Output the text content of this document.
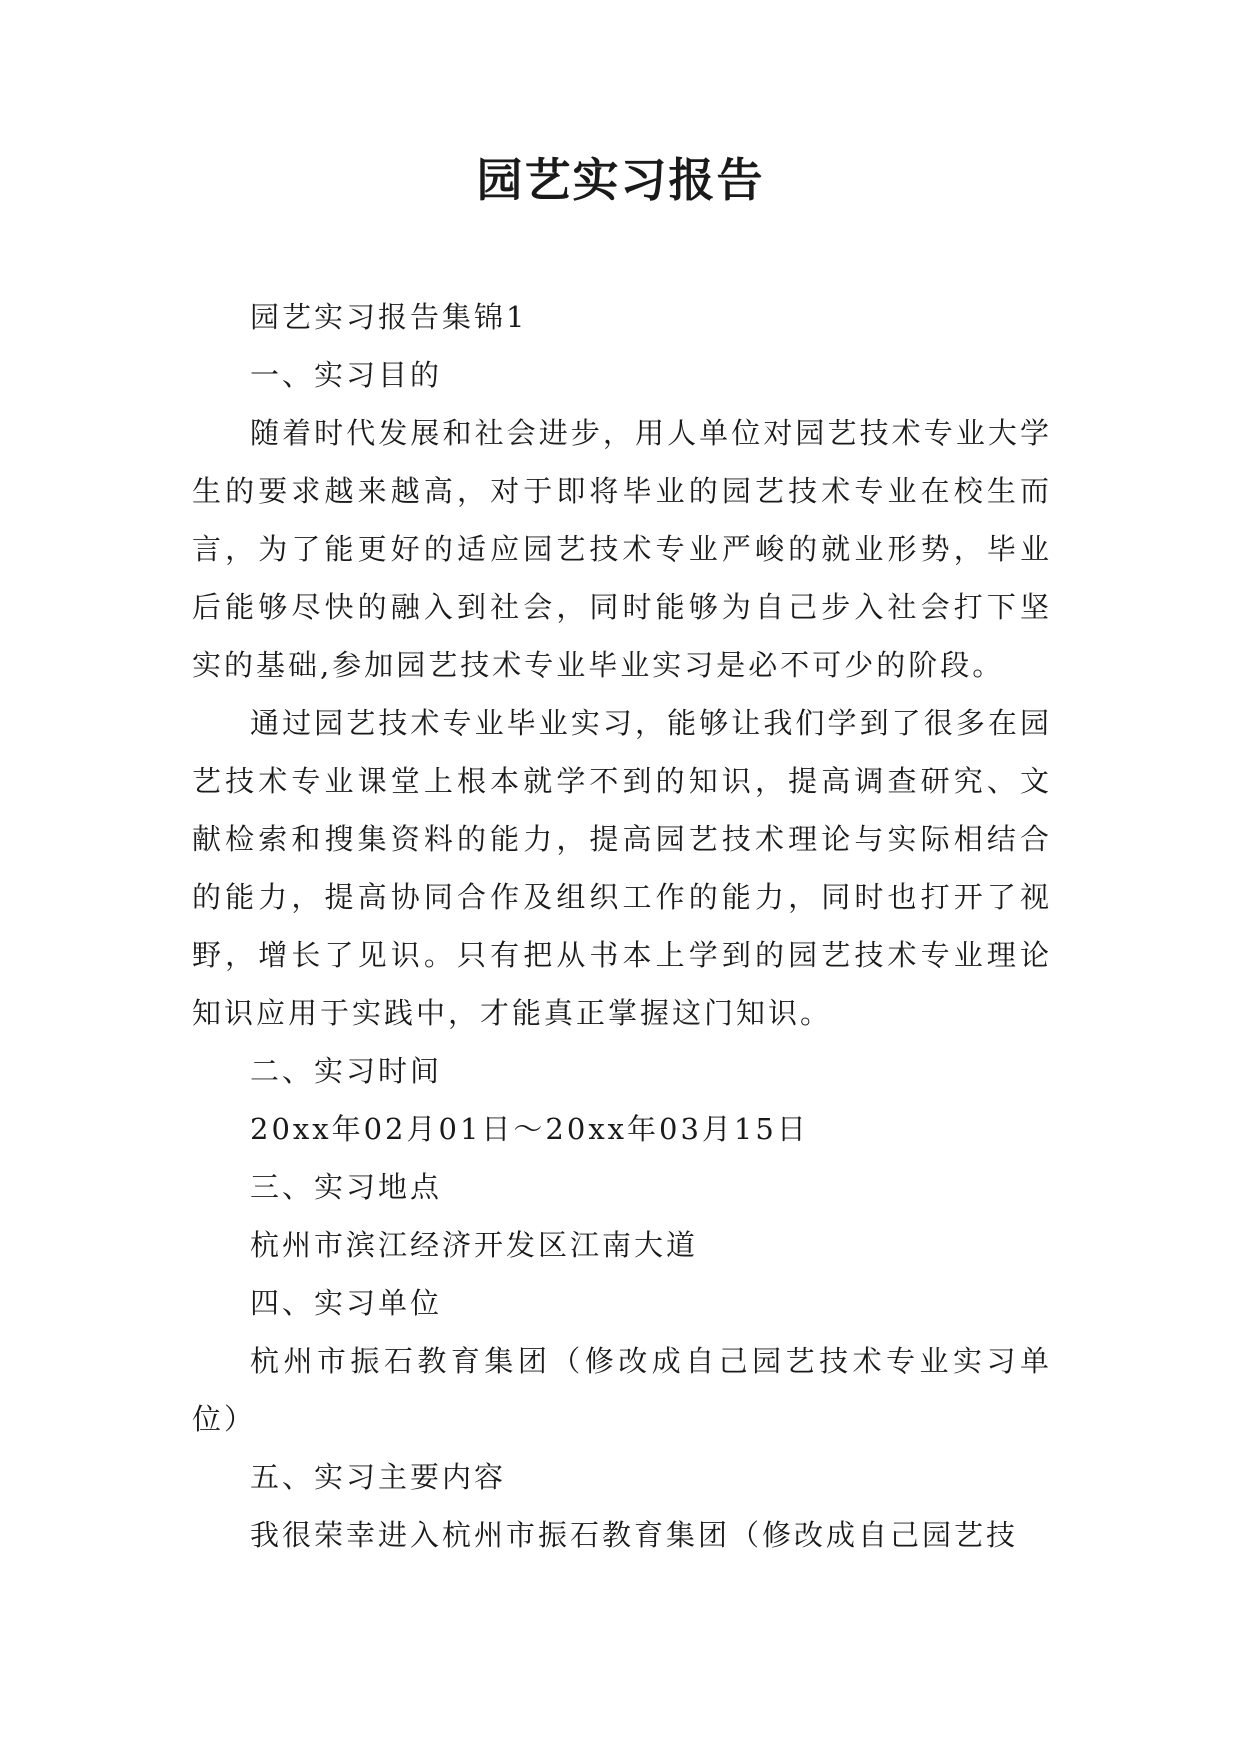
园艺实习报告

园艺实习报告集锦1

一、实习目的

随着时代发展和社会进步，用人单位对园艺技术专业大学生的要求越来越高，对于即将毕业的园艺技术专业在校生而言，为了能更好的适应园艺技术专业严峻的就业形势，毕业后能够尽快的融入到社会，同时能够为自己步入社会打下坚实的基础,参加园艺技术专业毕业实习是必不可少的阶段。

通过园艺技术专业毕业实习，能够让我们学到了很多在园艺技术专业课堂上根本就学不到的知识，提高调查研究、文献检索和搜集资料的能力，提高园艺技术理论与实际相结合的能力，提高协同合作及组织工作的能力，同时也打开了视野，增长了见识。只有把从书本上学到的园艺技术专业理论知识应用于实践中，才能真正掌握这门知识。

二、实习时间

20xx年02月01日～20xx年03月15日

三、实习地点

杭州市滨江经济开发区江南大道

四、实习单位

杭州市振石教育集团（修改成自己园艺技术专业实习单位）

五、实习主要内容

我很荣幸进入杭州市振石教育集团（修改成自己园艺技
